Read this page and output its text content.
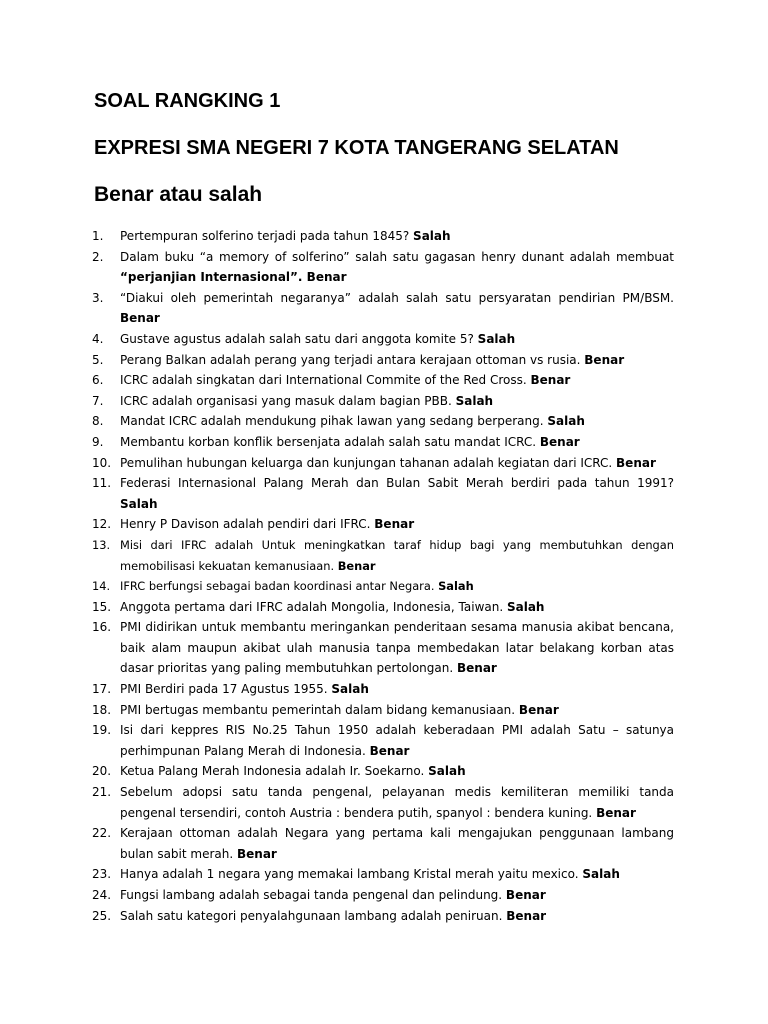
SOAL RANGKING 1
EXPRESI SMA NEGERI 7 KOTA TANGERANG SELATAN
Benar atau salah
1. Pertempuran solferino terjadi pada tahun 1845? Salah
2. Dalam buku “a memory of solferino” salah satu gagasan henry dunant adalah membuat “perjanjian Internasional”. Benar
3. “Diakui oleh pemerintah negaranya” adalah salah satu persyaratan pendirian PM/BSM. Benar
4. Gustave agustus adalah salah satu dari anggota komite 5? Salah
5. Perang Balkan adalah perang yang terjadi antara kerajaan ottoman vs rusia. Benar
6. ICRC adalah singkatan dari International Commite of the Red Cross. Benar
7. ICRC adalah organisasi yang masuk dalam bagian PBB. Salah
8. Mandat ICRC adalah mendukung pihak lawan yang sedang berperang. Salah
9. Membantu korban konflik bersenjata adalah salah satu mandat ICRC. Benar
10. Pemulihan hubungan keluarga dan kunjungan tahanan adalah kegiatan dari ICRC. Benar
11. Federasi Internasional Palang Merah dan Bulan Sabit Merah berdiri pada tahun 1991? Salah
12. Henry P Davison adalah pendiri dari IFRC. Benar
13. Misi dari IFRC adalah Untuk meningkatkan taraf hidup bagi yang membutuhkan dengan memobilisasi kekuatan kemanusiaan. Benar
14. IFRC berfungsi sebagai badan koordinasi antar Negara. Salah
15. Anggota pertama dari IFRC adalah Mongolia, Indonesia, Taiwan. Salah
16. PMI didirikan untuk membantu meringankan penderitaan sesama manusia akibat bencana, baik alam maupun akibat ulah manusia tanpa membedakan latar belakang korban atas dasar prioritas yang paling membutuhkan pertolongan. Benar
17. PMI Berdiri pada 17 Agustus 1955. Salah
18. PMI bertugas membantu pemerintah dalam bidang kemanusiaan. Benar
19. Isi dari keppres RIS No.25 Tahun 1950 adalah keberadaan PMI adalah Satu – satunya perhimpunan Palang Merah di Indonesia. Benar
20. Ketua Palang Merah Indonesia adalah Ir. Soekarno. Salah
21. Sebelum adopsi satu tanda pengenal, pelayanan medis kemiliteran memiliki tanda pengenal tersendiri, contoh Austria : bendera putih, spanyol : bendera kuning. Benar
22. Kerajaan ottoman adalah Negara yang pertama kali mengajukan penggunaan lambang bulan sabit merah. Benar
23. Hanya adalah 1 negara yang memakai lambang Kristal merah yaitu mexico. Salah
24. Fungsi lambang adalah sebagai tanda pengenal dan pelindung. Benar
25. Salah satu kategori penyalahgunaan lambang adalah peniruan. Benar
